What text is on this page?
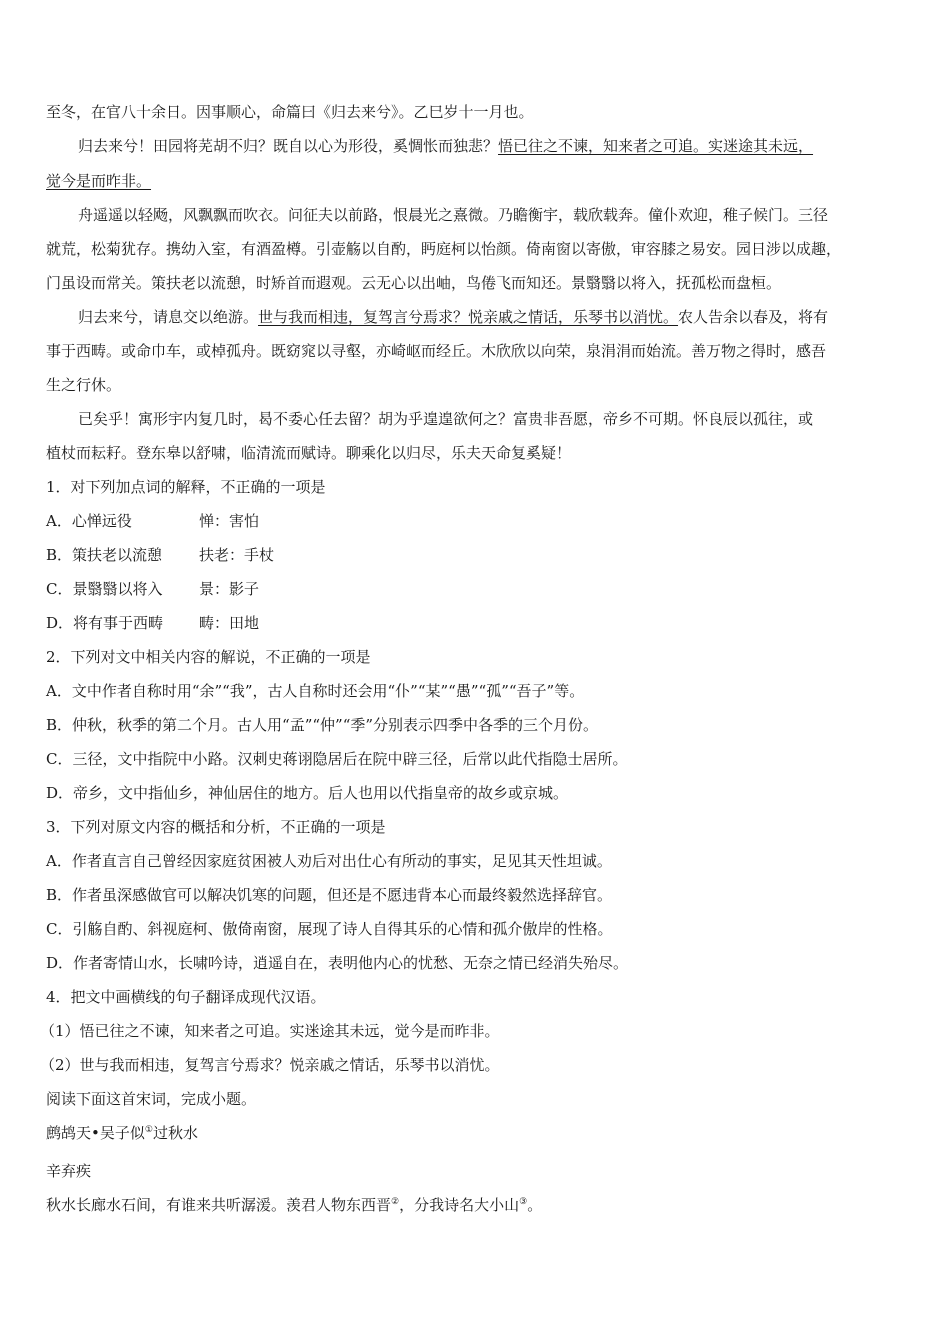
至冬，在官八十余日。因事顺心，命篇曰《归去来兮》。乙巳岁十一月也。

归去来兮！田园将芜胡不归？既自以心为形役，奚惆怅而独悲？悟已往之不谏，知来者之可追。实迷途其未远，

觉今是而昨非。

舟遥遥以轻飏，风飘飘而吹衣。问征夫以前路，恨晨光之熹微。乃瞻衡宇，载欣载奔。僮仆欢迎，稚子候门。三径

就荒，松菊犹存。携幼入室，有酒盈樽。引壶觞以自酌，眄庭柯以怡颜。倚南窗以寄傲，审容膝之易安。园日涉以成趣，

门虽设而常关。策扶老以流憩，时矫首而遐观。云无心以出岫，鸟倦飞而知还。景翳翳以将入，抚孤松而盘桓。

归去来兮，请息交以绝游。世与我而相违，复驾言兮焉求？悦亲戚之情话，乐琴书以消忧。农人告余以春及，将有

事于西畴。或命巾车，或棹孤舟。既窈窕以寻壑，亦崎岖而经丘。木欣欣以向荣，泉涓涓而始流。善万物之得时，感吾

生之行休。

已矣乎！寓形宇内复几时，曷不委心任去留？胡为乎遑遑欲何之？富贵非吾愿，帝乡不可期。怀良辰以孤往，或

植杖而耘耔。登东皋以舒啸，临清流而赋诗。聊乘化以归尽，乐夫天命复奚疑！

1．对下列加点词的解释，不正确的一项是

A．心惮远役	惮：害怕

B．策扶老以流憩 扶老：手杖

C．景翳翳以将入 景：影子

D．将有事于西畴 畴：田地

2．下列对文中相关内容的解说，不正确的一项是

A．文中作者自称时用“余”“我”，古人自称时还会用“仆”“某”“愚”“孤”“吾子”等。

B．仲秋，秋季的第二个月。古人用“孟”“仲”“季”分别表示四季中各季的三个月份。

C．三径，文中指院中小路。汉刺史蒋诩隐居后在院中辟三径，后常以此代指隐士居所。

D．帝乡，文中指仙乡，神仙居住的地方。后人也用以代指皇帝的故乡或京城。

3．下列对原文内容的概括和分析，不正确的一项是

A．作者直言自己曾经因家庭贫困被人劝后对出仕心有所动的事实，足见其天性坦诚。

B．作者虽深感做官可以解决饥寒的问题，但还是不愿违背本心而最终毅然选择辞官。

C．引觞自酌、斜视庭柯、傲倚南窗，展现了诗人自得其乐的心情和孤介傲岸的性格。

D．作者寄情山水，长啸吟诗，逍遥自在，表明他内心的忧愁、无奈之情已经消失殆尽。

4．把文中画横线的句子翻译成现代汉语。

（1）悟已往之不谏，知来者之可追。实迷途其未远，觉今是而昨非。

（2）世与我而相违，复驾言兮焉求？悦亲戚之情话，乐琴书以消忧。

阅读下面这首宋词，完成小题。

鹧鸪天•吴子似①过秋水

辛弃疾

秋水长廊水石间，有谁来共听潺湲。羡君人物东西晋②，分我诗名大小山③。
